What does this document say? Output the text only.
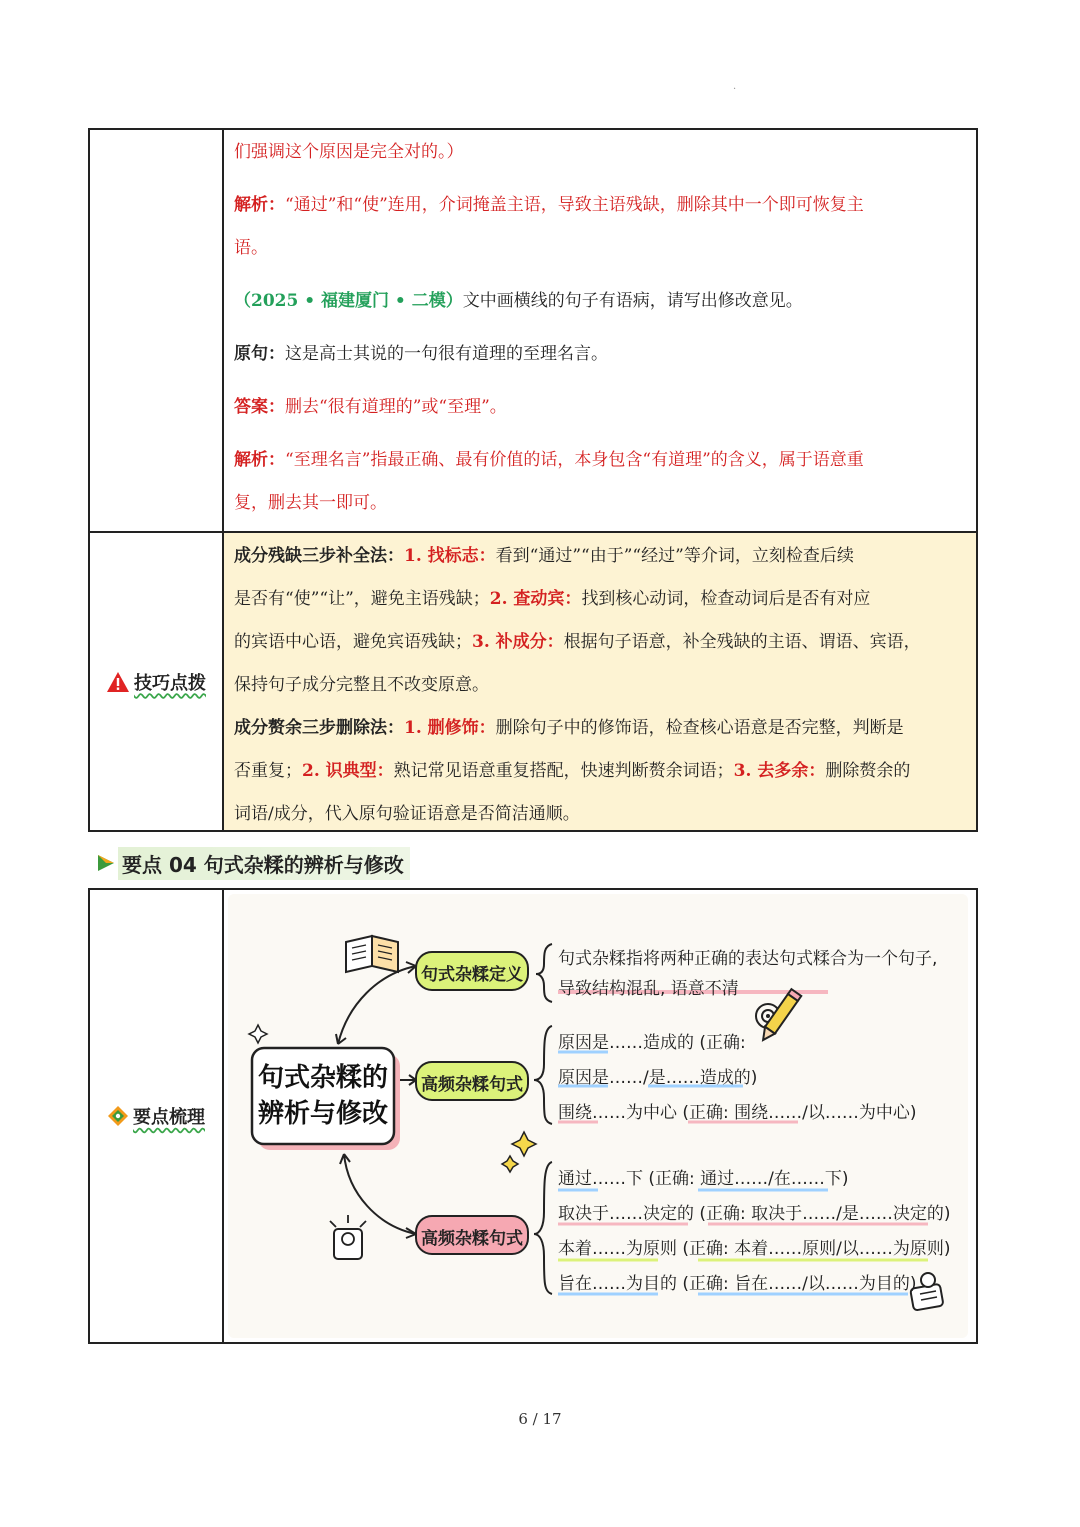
·

们强调这个原因是完全对的。）

解析：“通过”和“使”连用，介词掩盖主语，导致主语残缺，删除其中一个即可恢复主

语。

（2025 • 福建厦门 • 二模）文中画横线的句子有语病，请写出修改意见。

原句：这是高士其说的一句很有道理的至理名言。

答案：删去“很有道理的”或“至理”。

解析：“至理名言”指最正确、最有价值的话，本身包含“有道理”的含义，属于语意重

复，删去其一即可。

技巧点拨

成分残缺三步补全法：1. 找标志：看到“通过”“由于”“经过”等介词，立刻检查后续

是否有“使”“让”，避免主语残缺；2. 查动宾：找到核心动词，检查动词后是否有对应

的宾语中心语，避免宾语残缺；3. 补成分：根据句子语意，补全残缺的主语、谓语、宾语，

保持句子成分完整且不改变原意。

成分赘余三步删除法：1. 删修饰：删除句子中的修饰语，检查核心语意是否完整，判断是

否重复；2. 识典型：熟记常见语意重复搭配，快速判断赘余词语；3. 去多余：删除赘余的

词语/成分，代入原句验证语意是否简洁通顺。

要点 04 句式杂糅的辨析与修改
要点梳理
句式杂糅的
辨析与修改
句式杂糅定义
高频杂糅句式
高频杂糅句式
句式杂糅指将两种正确的表达句式糅合为一个句子,
导致结构混乱, 语意不清
原因是……造成的 (正确:
原因是……/是……造成的)
围绕……为中心 (正确: 围绕……/以……为中心)
通过……下 (正确: 通过……/在……下)
取决于……决定的 (正确: 取决于……/是……决定的)
本着……为原则 (正确: 本着……原则/以……为原则)
旨在……为目的 (正确: 旨在……/以……为目的)
6 / 17
